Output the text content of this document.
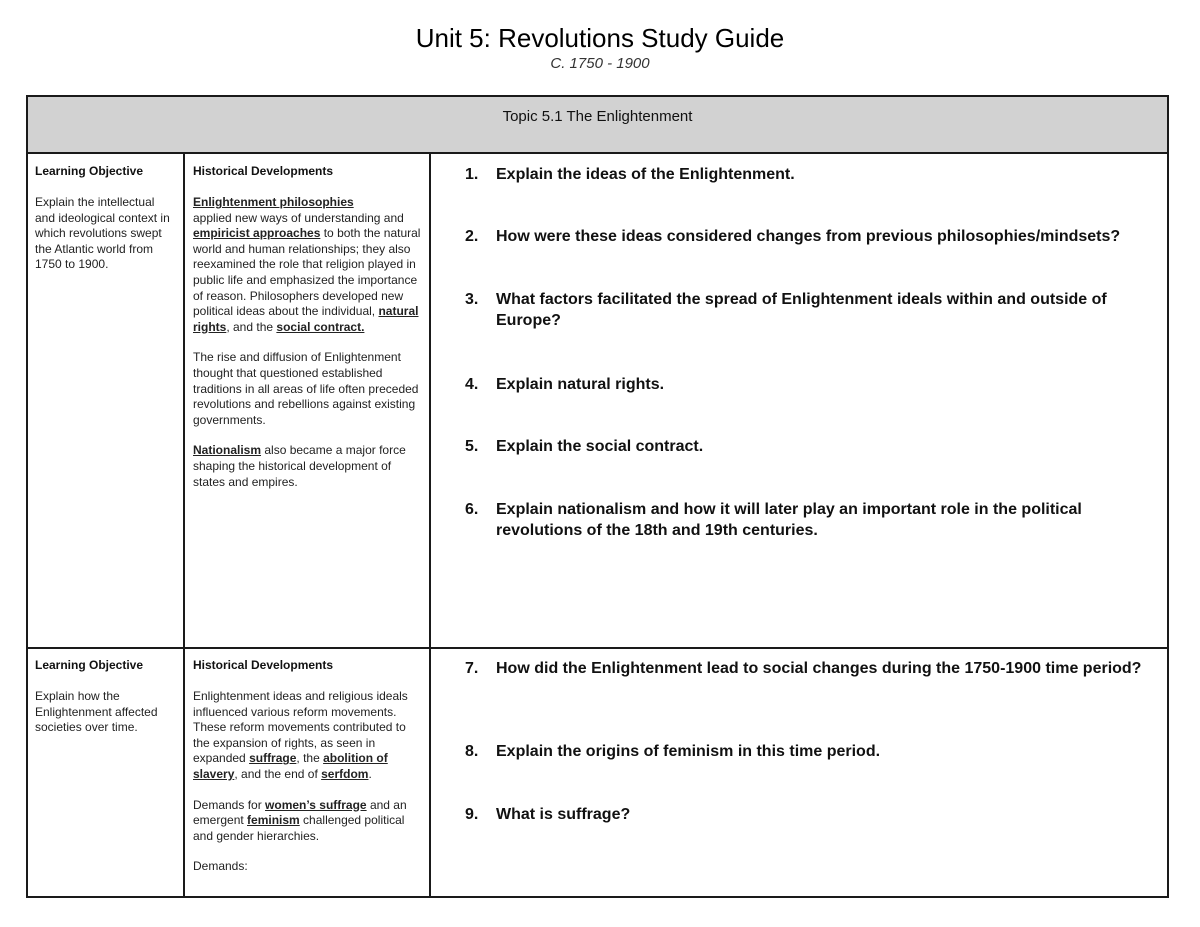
Unit 5: Revolutions Study Guide
C. 1750 - 1900
Topic 5.1 The Enlightenment

Learning Objective

Explain the intellectual and ideological context in which revolutions swept the Atlantic world from 1750 to 1900.

Historical Developments

Enlightenment philosophies
applied new ways of understanding and empiricist approaches to both the natural world and human relationships; they also reexamined the role that religion played in public life and emphasized the importance of reason. Philosophers developed new political ideas about the individual, natural rights, and the social contract.

The rise and diffusion of Enlightenment thought that questioned established traditions in all areas of life often preceded revolutions and rebellions against existing governments.

Nationalism also became a major force shaping the historical development of states and empires.

1. Explain the ideas of the Enlightenment.
2. How were these ideas considered changes from previous philosophies/mindsets?
3. What factors facilitated the spread of Enlightenment ideals within and outside of Europe?
4. Explain natural rights.
5. Explain the social contract.
6. Explain nationalism and how it will later play an important role in the political revolutions of the 18th and 19th centuries.

Learning Objective

Explain how the Enlightenment affected societies over time.

Historical Developments

Enlightenment ideas and religious ideals influenced various reform movements. These reform movements contributed to the expansion of rights, as seen in expanded suffrage, the abolition of slavery, and the end of serfdom.

Demands for women’s suffrage and an emergent feminism challenged political and gender hierarchies.

Demands:

7. How did the Enlightenment lead to social changes during the 1750-1900 time period?
8. Explain the origins of feminism in this time period.
9. What is suffrage?
